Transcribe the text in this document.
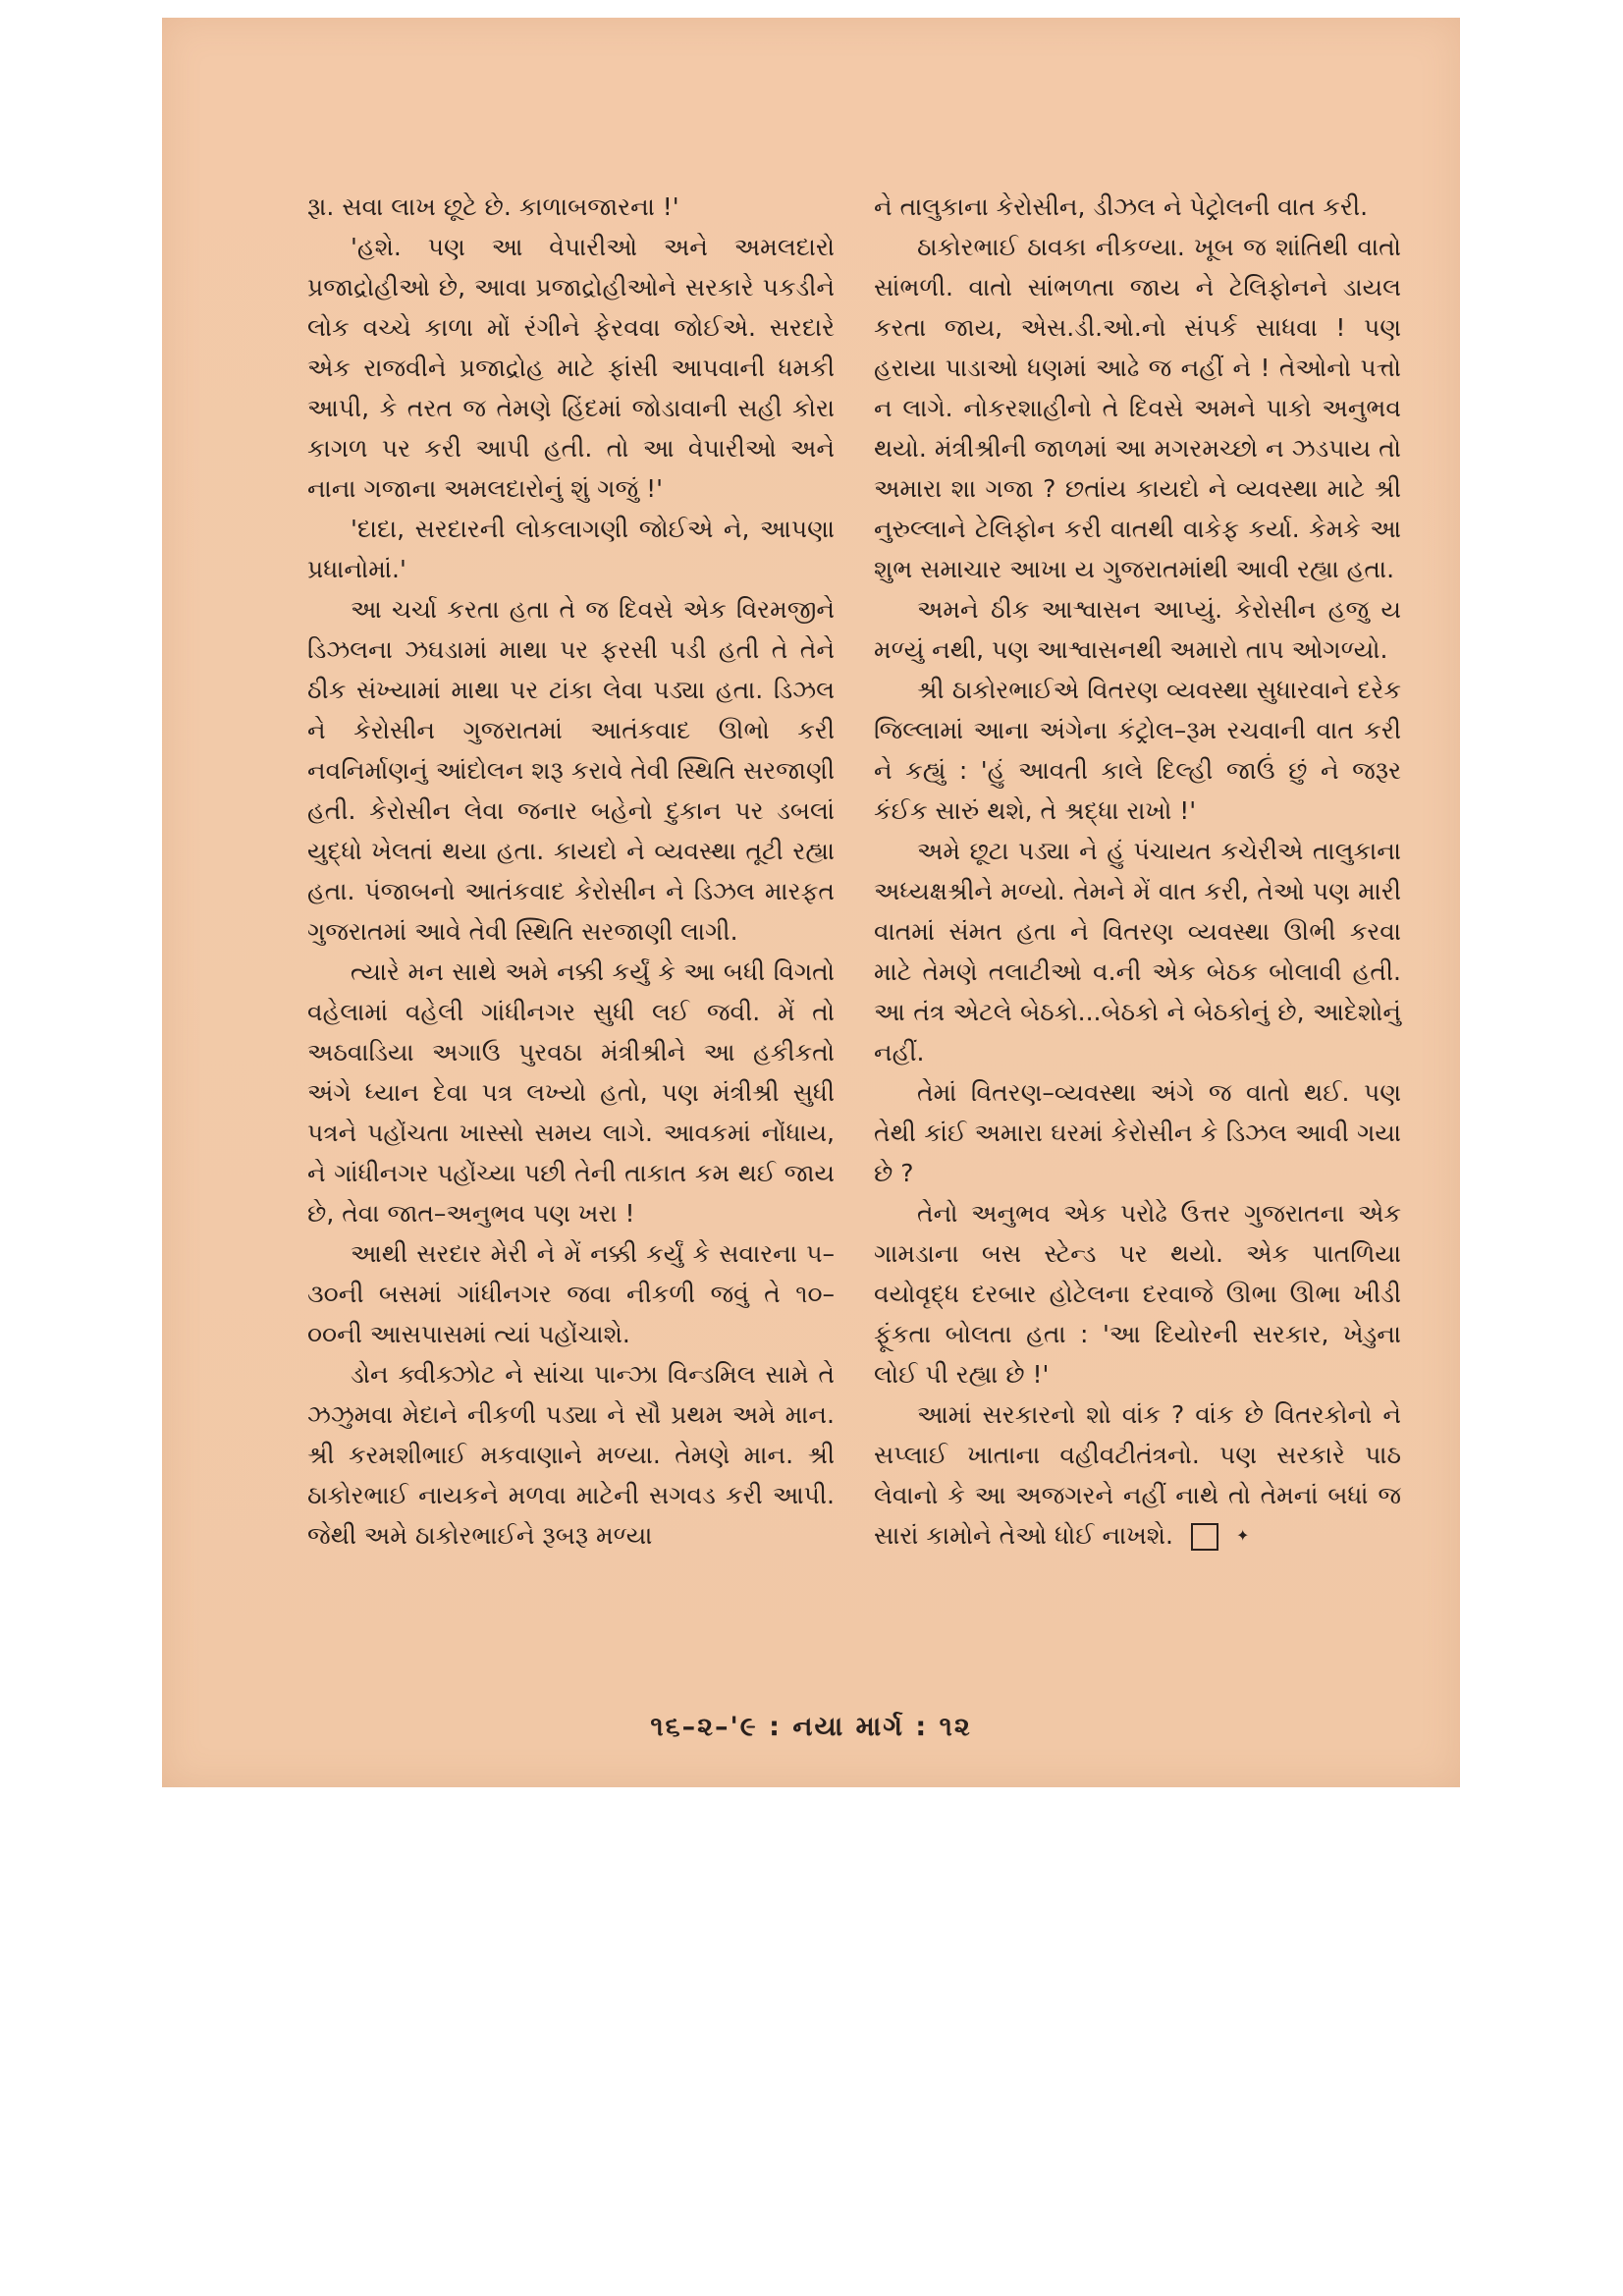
રૂા. સવા લાખ છૂટે છે. કાળાબજારના !'

'હશે. પણ આ વેપારીઓ અને અમલદારો પ્રજાદ્રોહીઓ છે, આવા પ્રજાદ્રોહીઓને સરકારે પકડીને લોક વચ્ચે કાળા મોં રંગીને ફેરવવા જોઈએ. સરદારે એક રાજવીને પ્રજાદ્રોહ માટે ફાંસી આપવાની ધમકી આપી, કે તરત જ તેમણે હિંદમાં જોડાવાની સહી કોરા કાગળ પર કરી આપી હતી. તો આ વેપારીઓ અને નાના ગજાના અમલદારોનું શું ગજું !'

'દાદા, સરદારની લોકલાગણી જોઈએ ને, આપણા પ્રધાનોમાં.'

આ ચર્ચા કરતા હતા તે જ દિવસે એક વિરમજીને ડિઝલના ઝઘડામાં માથા પર ફરસી પડી હતી તે તેને ઠીક સંખ્યામાં માથા પર ટાંકા લેવા પડ્યા હતા. ડિઝલ ને કેરોસીન ગુજરાતમાં આતંકવાદ ઊભો કરી નવનિર્માણનું આંદોલન શરૂ કરાવે તેવી સ્થિતિ સરજાણી હતી. કેરોસીન લેવા જનાર બહેનો દુકાન પર ડબલાં યુદ્ધો ખેલતાં થયા હતા. કાયદો ને વ્યવસ્થા તૂટી રહ્યા હતા. પંજાબનો આતંકવાદ કેરોસીન ને ડિઝલ મારફત ગુજરાતમાં આવે તેવી સ્થિતિ સરજાણી લાગી.

ત્યારે મન સાથે અમે નક્કી કર્યું કે આ બધી વિગતો વહેલામાં વહેલી ગાંધીનગર સુધી લઈ જવી. મેં તો અઠવાડિયા અગાઉ પુરવઠા મંત્રીશ્રીને આ હકીકતો અંગે ધ્યાન દેવા પત્ર લખ્યો હતો, પણ મંત્રીશ્રી સુધી પત્રને પહોંચતા ખાસ્સો સમય લાગે. આવકમાં નોંધાય, ને ગાંધીનગર પહોંચ્યા પછી તેની તાકાત કમ થઈ જાય છે, તેવા જાત–અનુભવ પણ ખરા !

આથી સરદાર મેરી ને મેં નક્કી કર્યું કે સવારના ૫–૩૦ની બસમાં ગાંધીનગર જવા નીકળી જવું તે ૧૦–૦૦ની આસપાસમાં ત્યાં પહોંચાશે.

ડોન ક્વીક્ઝોટ ને સાંચા પાન્ઝા વિન્ડમિલ સામે તે ઝઝુમવા મેદાને નીકળી પડ્યા ને સૌ પ્રથમ અમે માન. શ્રી કરમશીભાઈ મકવાણાને મળ્યા. તેમણે માન. શ્રી ઠાકોરભાઈ નાયકને મળવા માટેની સગવડ કરી આપી. જેથી અમે ઠાકોરભાઈને રૂબરૂ મળ્યા

ને તાલુકાના કેરોસીન, ડીઝલ ને પેટ્રોલની વાત કરી.

ઠાકોરભાઈ ઠાવકા નીકળ્યા. ખૂબ જ શાંતિથી વાતો સાંભળી. વાતો સાંભળતા જાય ને ટેલિફોનને ડાયલ કરતા જાય, એસ.ડી.ઓ.નો સંપર્ક સાધવા ! પણ હરાયા પાડાઓ ધણમાં આઢે જ નહીં ને ! તેઓનો પત્તો ન લાગે. નોકરશાહીનો તે દિવસે અમને પાકો અનુભવ થયો. મંત્રીશ્રીની જાળમાં આ મગરમચ્છો ન ઝડપાય તો અમારા શા ગજા ? છતાંય કાયદો ને વ્યવસ્થા માટે શ્રી નુરુલ્લાને ટેલિફોન કરી વાતથી વાકેફ કર્યા. કેમકે આ શુભ સમાચાર આખા ય ગુજરાતમાંથી આવી રહ્યા હતા.

અમને ઠીક આશ્વાસન આપ્યું. કેરોસીન હજુ ય મળ્યું નથી, પણ આશ્વાસનથી અમારો તાપ ઓગળ્યો.

શ્રી ઠાકોરભાઈએ વિતરણ વ્યવસ્થા સુધારવાને દરેક જિલ્લામાં આના અંગેના કંટ્રોલ–રૂમ રચવાની વાત કરી ને કહ્યું : 'હું આવતી કાલે દિલ્હી જાઉં છું ને જરૂર કંઈક સારું થશે, તે શ્રદ્ધા રાખો !'

અમે છૂટા પડ્યા ને હું પંચાયત કચેરીએ તાલુકાના અધ્યક્ષશ્રીને મળ્યો. તેમને મેં વાત કરી, તેઓ પણ મારી વાતમાં સંમત હતા ને વિતરણ વ્યવસ્થા ઊભી કરવા માટે તેમણે તલાટીઓ વ.ની એક બેઠક બોલાવી હતી. આ તંત્ર એટલે બેઠકો...બેઠકો ને બેઠકોનું છે, આદેશોનું નહીં.

તેમાં વિતરણ–વ્યવસ્થા અંગે જ વાતો થઈ. પણ તેથી કાંઈ અમારા ઘરમાં કેરોસીન કે ડિઝલ આવી ગયા છે ?

તેનો અનુભવ એક પરોઢે ઉત્તર ગુજરાતના એક ગામડાના બસ સ્ટેન્ડ પર થયો. એક પાતળિયા વયોવૃદ્ધ દરબાર હોટેલના દરવાજે ઊભા ઊભા ખીડી ફૂંકતા બોલતા હતા : 'આ દિયોરની સરકાર, ખેડુના લોઈ પી રહ્યા છે !'

આમાં સરકારનો શો વાંક ? વાંક છે વિતરકોનો ને સપ્લાઈ ખાતાના વહીવટીતંત્રનો. પણ સરકારે પાઠ લેવાનો કે આ અજગરને નહીં નાથે તો તેમનાં બધાં જ સારાં કામોને તેઓ ધોઈ નાખશે.	✦

૧૬–૨–'૯ : નયા માર્ગ : ૧૨
